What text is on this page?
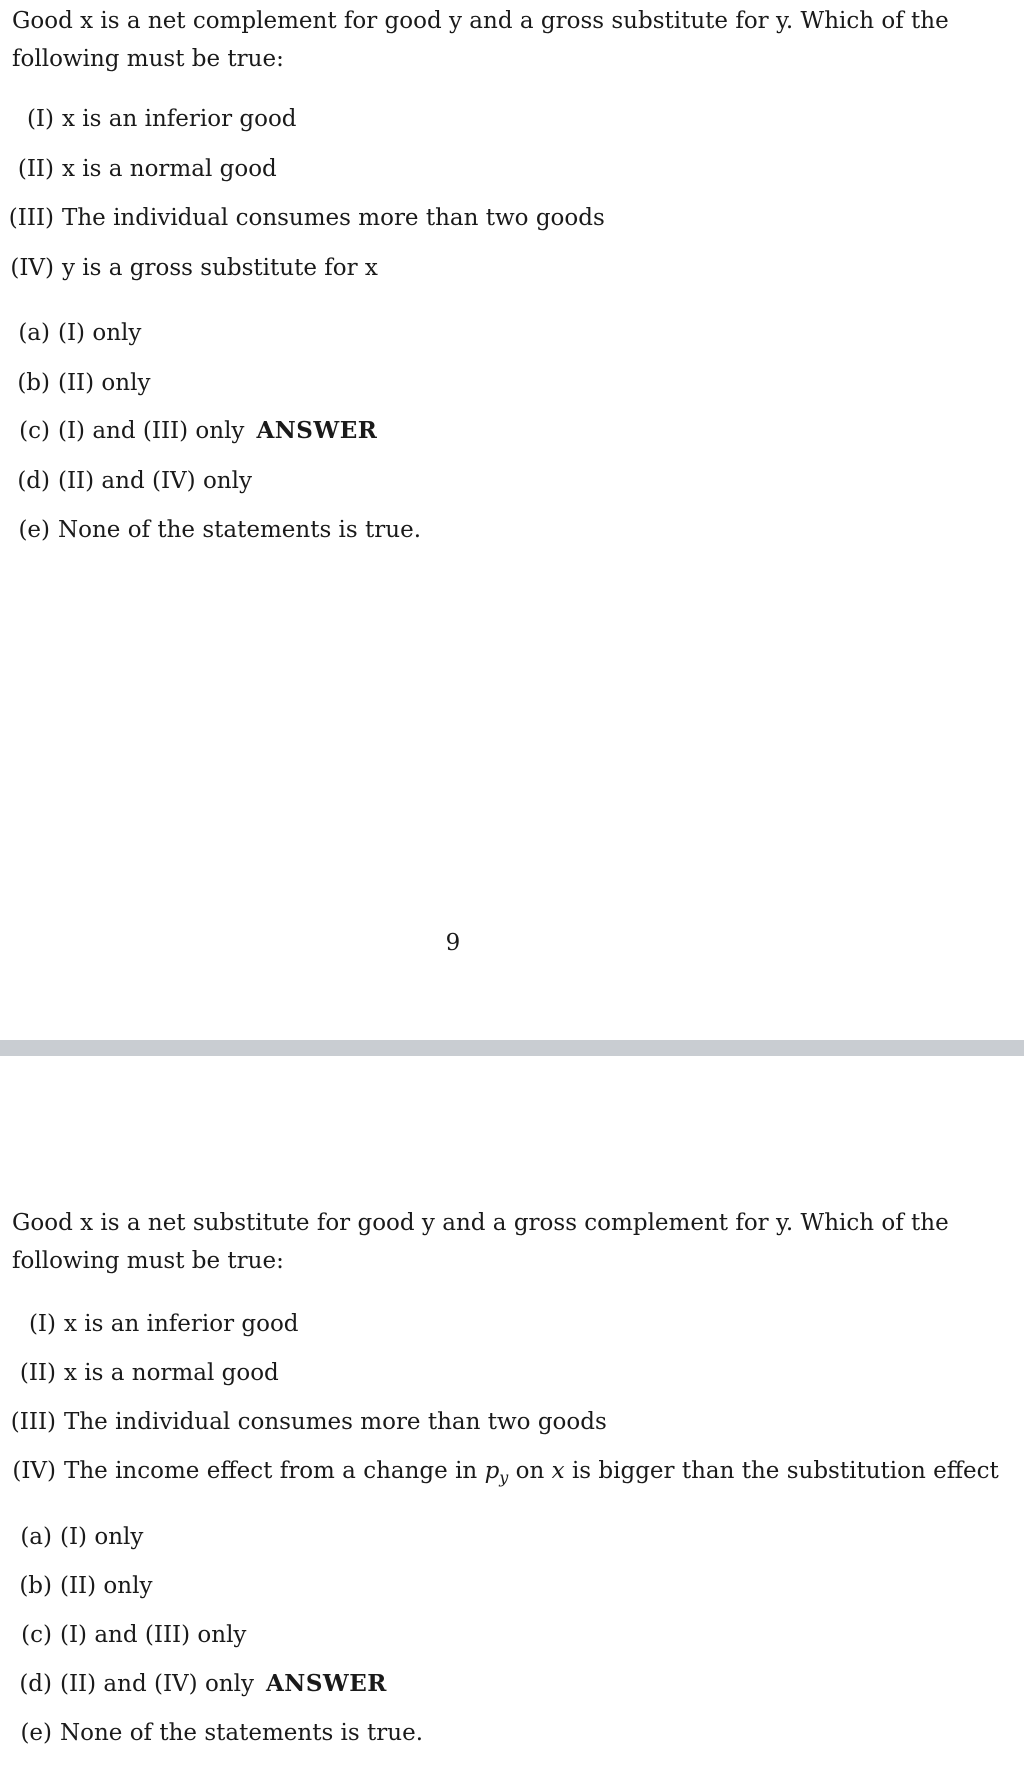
Good x is a net complement for good y and a gross substitute for y. Which of the following must be true:
(I) x is an inferior good
(II) x is a normal good
(III) The individual consumes more than two goods
(IV) y is a gross substitute for x
(a) (I) only
(b) (II) only
(c) (I) and (III) only ANSWER
(d) (II) and (IV) only
(e) None of the statements is true.
9
Good x is a net substitute for good y and a gross complement for y. Which of the following must be true:
(I) x is an inferior good
(II) x is a normal good
(III) The individual consumes more than two goods
(IV) The income effect from a change in $p_y$ on x is bigger than the substitution effect
(a) (I) only
(b) (II) only
(c) (I) and (III) only
(d) (II) and (IV) only ANSWER
(e) None of the statements is true.
